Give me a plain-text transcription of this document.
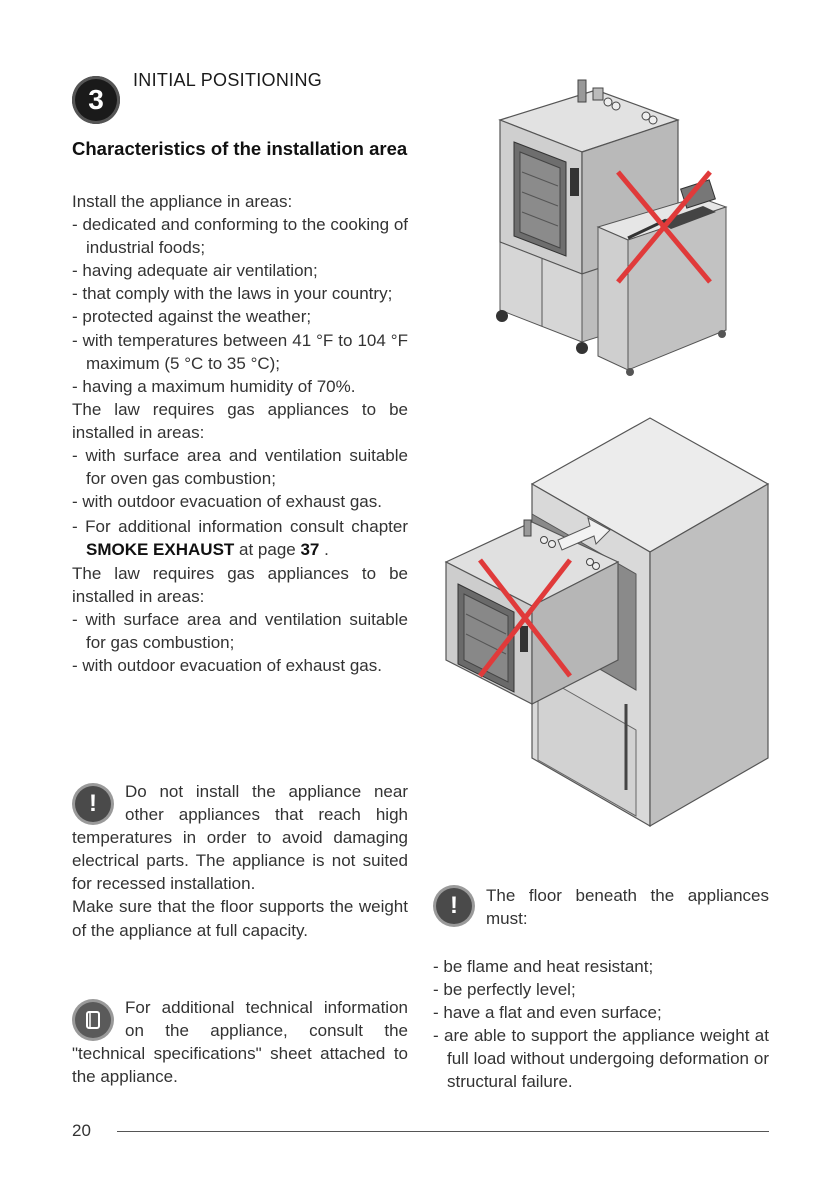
3
INITIAL POSITIONING
Characteristics of the installation area

Install the appliance in areas:

- dedicated and conforming to the cooking of industrial foods;

- having adequate air ventilation;

- that comply with the laws in your country;

- protected against the weather;

- with temperatures between 41 °F to 104 °F maximum (5 °C to 35 °C);

- having a maximum humidity of 70%.

The law requires gas appliances to be installed in areas:

- with surface area and ventilation suitable for oven gas combustion;

- with outdoor evacuation of exhaust gas.

- For additional information consult chapter SMOKE EXHAUST at page 37 .

The law requires gas appliances to be installed in areas:

- with surface area and ventilation suitable for gas combustion;

- with outdoor evacuation of exhaust gas.

!	Do not install the appliance near other appliances that reach high temperatures in order to avoid damaging electrical parts. The appliance is not suited for recessed installation.

Make sure that the floor supports the weight of the appliance at full capacity.

For additional technical information on the appliance, consult the "technical specifications" sheet attached to the appliance.

!	The floor beneath the appliances must:

- be flame and heat resistant;

- be perfectly level;

- have a flat and even surface;

- are able to support the appliance weight at full load without undergoing deformation or structural failure.

20
